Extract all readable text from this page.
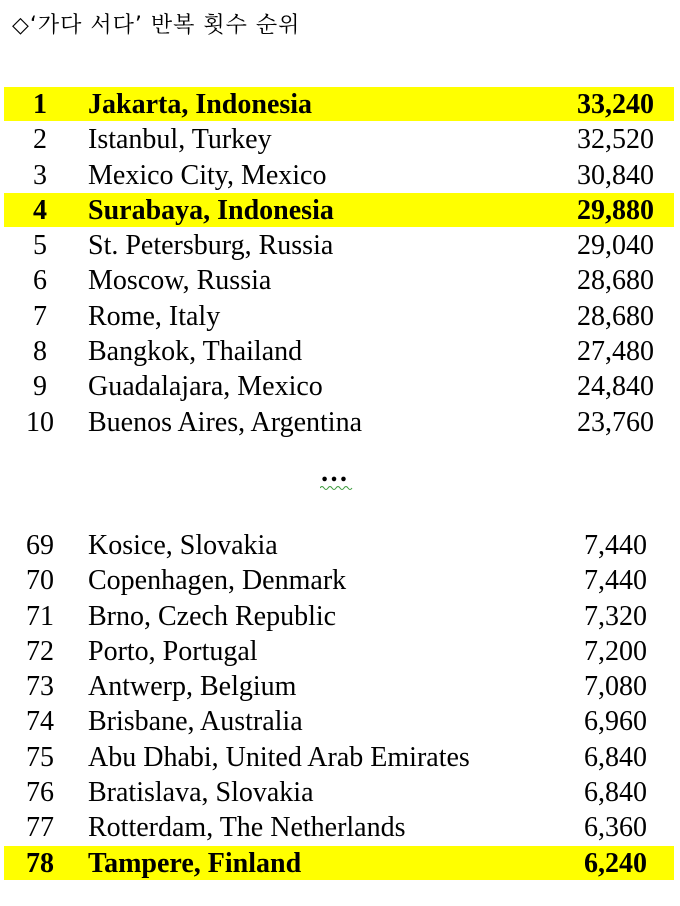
◇‘가다 서다’ 반복 횟수 순위
1	Jakarta, Indonesia	33,240
2	Istanbul, Turkey	32,520
3	Mexico City, Mexico	30,840
4	Surabaya, Indonesia	29,880
5	St. Petersburg, Russia	29,040
6	Moscow, Russia	28,680
7	Rome, Italy	28,680
8	Bangkok, Thailand	27,480
9	Guadalajara, Mexico	24,840
10	Buenos Aires, Argentina	23,760
…
69	Kosice, Slovakia	7,440
70	Copenhagen, Denmark	7,440
71	Brno, Czech Republic	7,320
72	Porto, Portugal	7,200
73	Antwerp, Belgium	7,080
74	Brisbane, Australia	6,960
75	Abu Dhabi, United Arab Emirates	6,840
76	Bratislava, Slovakia	6,840
77	Rotterdam, The Netherlands	6,360
78	Tampere, Finland	6,240
